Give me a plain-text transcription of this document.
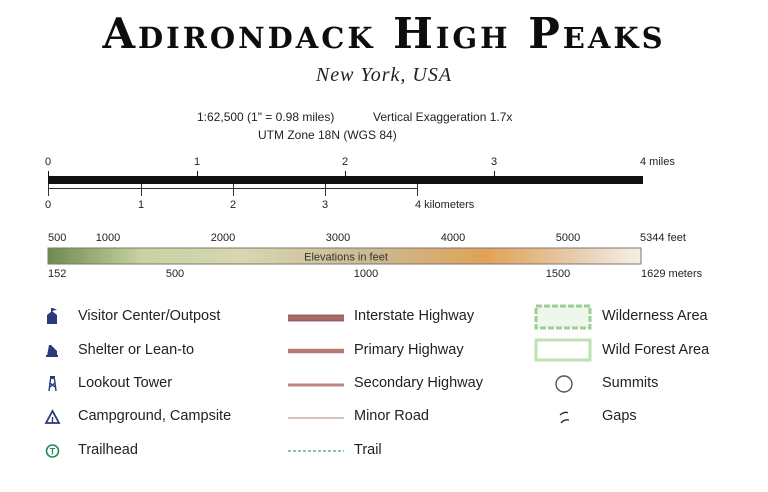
Adirondack High Peaks
New York, USA
1:62,500 (1" = 0.98 miles)	Vertical Exaggeration 1.7x
UTM Zone 18N (WGS 84)
0	1	2	3	4 miles
0	1	2	3	4 kilometers
500	1000	2000	3000	4000	5000	5344 feet
152	500	1000	1500	1629 meters
Elevations in feet
Visitor Center/Outpost
Shelter or Lean-to
Lookout Tower
Campground, Campsite
T Trailhead
Interstate Highway
Primary Highway
Secondary Highway
Minor Road
Trail
Wilderness Area
Wild Forest Area
Summits
Gaps
